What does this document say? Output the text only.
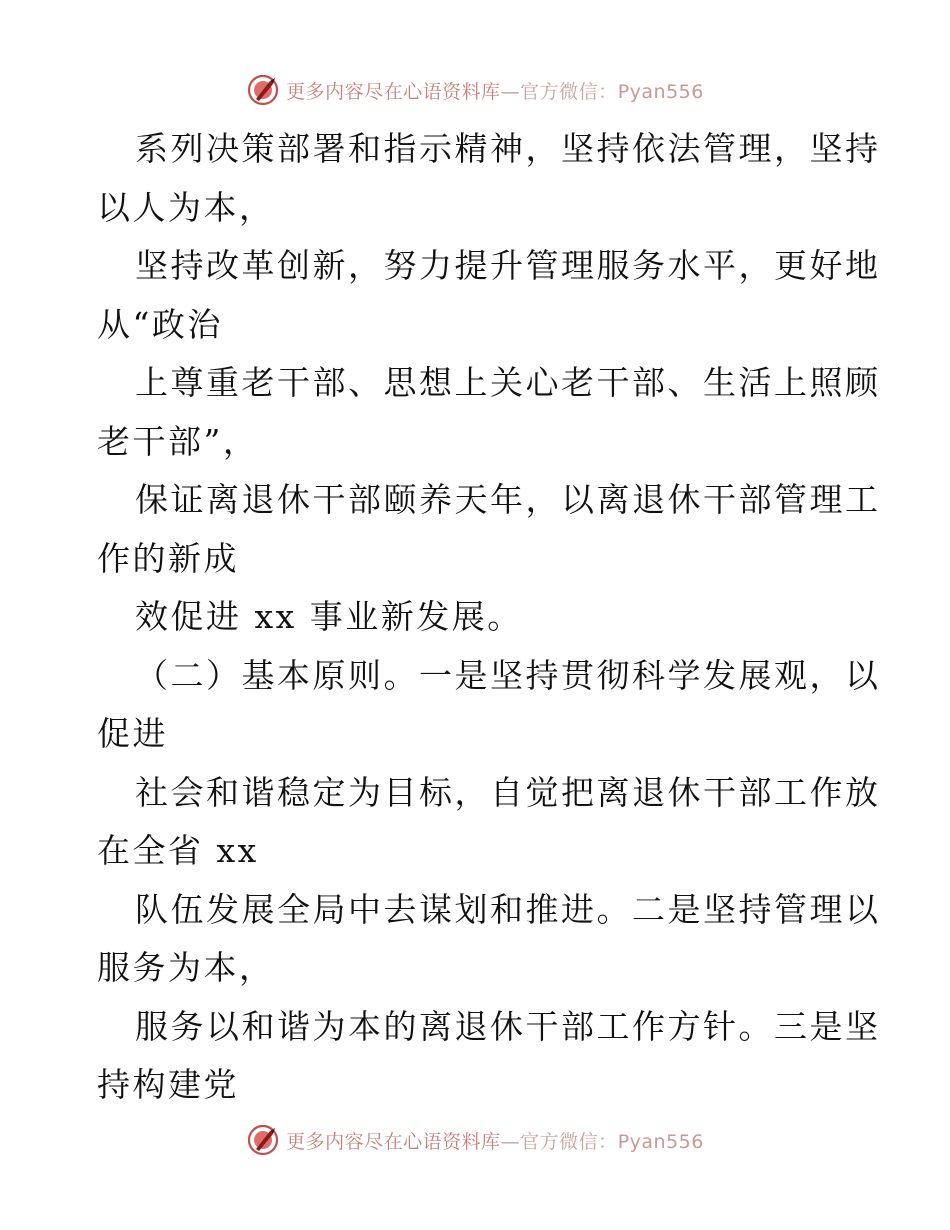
更多内容尽在心语资料库—官方微信：Pyan556
系列决策部署和指示精神，坚持依法管理，坚持
以人为本，
坚持改革创新，努力提升管理服务水平，更好地
从“政治
上尊重老干部、思想上关心老干部、生活上照顾
老干部”，
保证离退休干部颐养天年，以离退休干部管理工
作的新成
效促进 xx 事业新发展。
（二）基本原则。一是坚持贯彻科学发展观，以
促进
社会和谐稳定为目标，自觉把离退休干部工作放
在全省 xx
队伍发展全局中去谋划和推进。二是坚持管理以
服务为本，
服务以和谐为本的离退休干部工作方针。三是坚
持构建党
更多内容尽在心语资料库—官方微信：Pyan556
